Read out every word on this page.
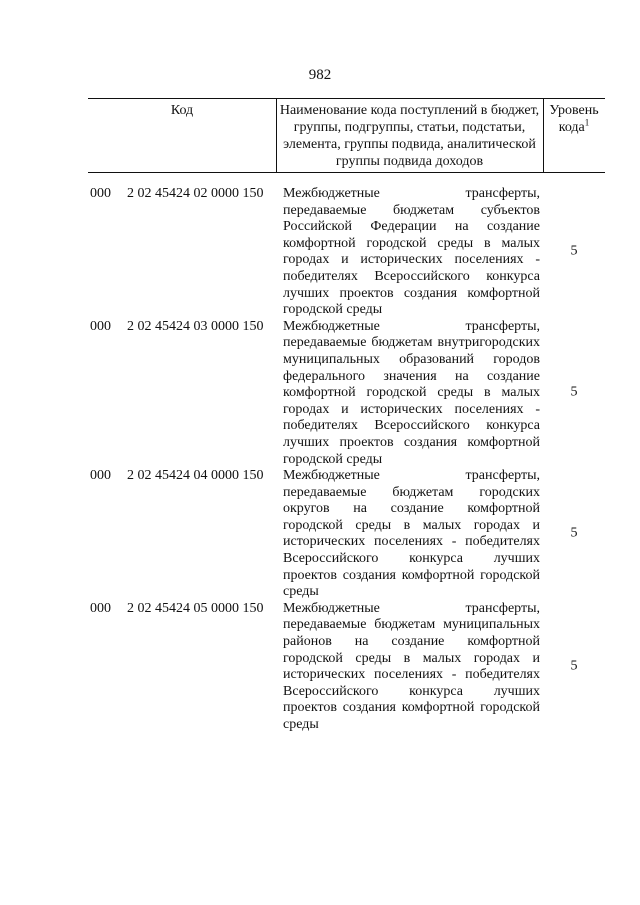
982
Код	Наименование кода поступлений в бюджет, группы, подгруппы, статьи, подстатьи, элемента, группы подвида, аналитической группы подвида доходов
Уровень кода$^1$
000 2 02 45424 02 0000 150 Межбюджетные трансферты, передаваемые бюджетам субъектов Российской Федерации на создание комфортной городской среды в малых городах и исторических поселениях - победителях Всероссийского конкурса лучших проектов создания комфортной городской среды
5
000 2 02 45424 03 0000 150 Межбюджетные трансферты, передаваемые бюджетам внутригородских муниципальных образований городов федерального значения на создание комфортной городской среды в малых городах и исторических поселениях - победителях Всероссийского конкурса лучших проектов создания комфортной городской среды
5
000 2 02 45424 04 0000 150 Межбюджетные трансферты, передаваемые бюджетам городских округов на создание комфортной городской среды в малых городах и исторических поселениях - победителях Всероссийского конкурса лучших проектов создания комфортной городской среды
5
000 2 02 45424 05 0000 150 Межбюджетные трансферты, передаваемые бюджетам муниципальных районов на создание комфортной городской среды в малых городах и исторических поселениях - победителях Всероссийского конкурса лучших проектов создания комфортной городской среды
5
